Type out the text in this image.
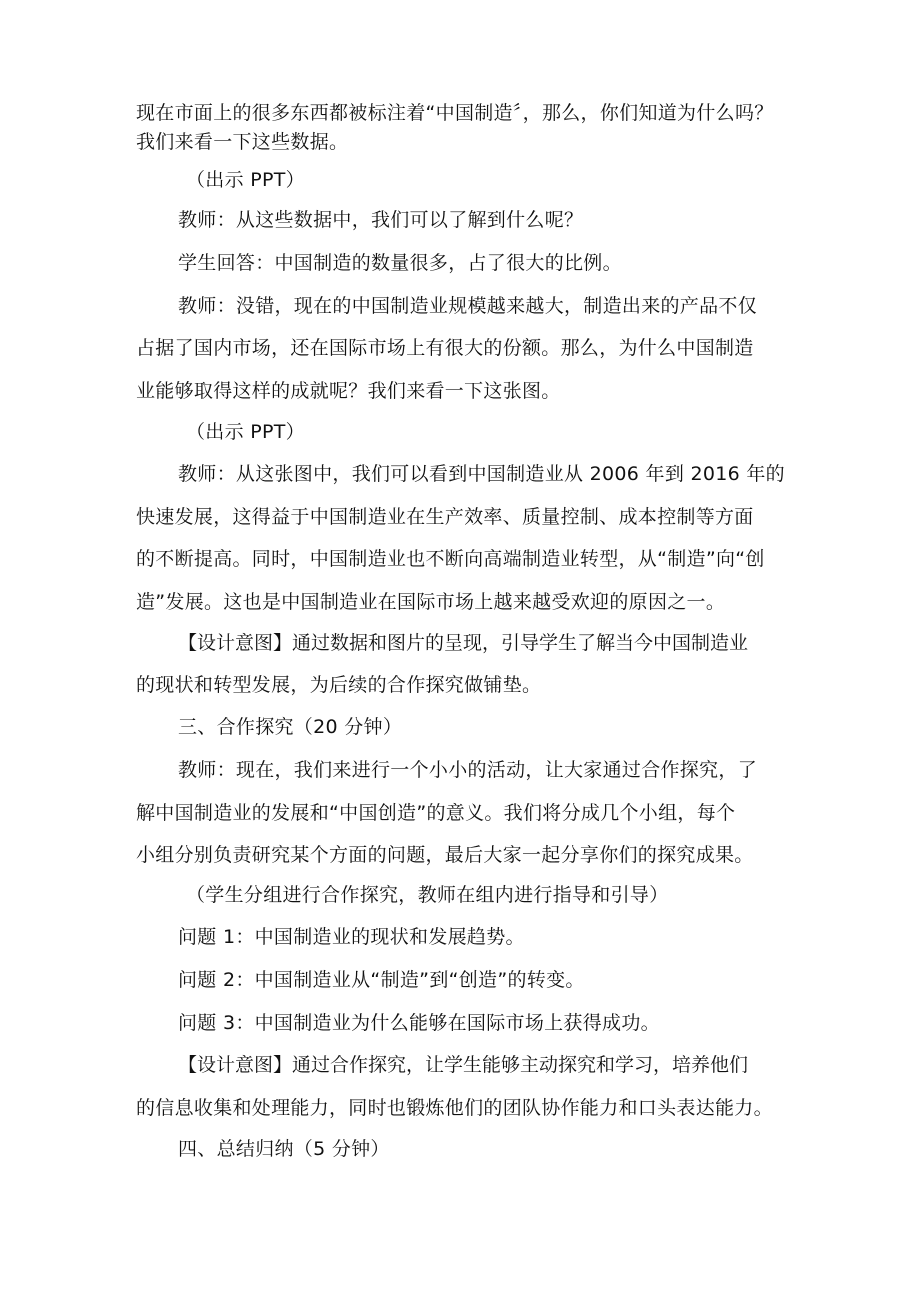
现在市面上的很多东西都被标注着“中国制造〞，那么，你们知道为什么吗？
我们来看一下这些数据。
（出示 PPT）
教师：从这些数据中，我们可以了解到什么呢？
学生回答：中国制造的数量很多，占了很大的比例。
教师：没错，现在的中国制造业规模越来越大，制造出来的产品不仅
占据了国内市场，还在国际市场上有很大的份额。那么，为什么中国制造
业能够取得这样的成就呢？我们来看一下这张图。
（出示 PPT）
教师：从这张图中，我们可以看到中国制造业从 2006 年到 2016 年的
快速发展，这得益于中国制造业在生产效率、质量控制、成本控制等方面
的不断提高。同时，中国制造业也不断向高端制造业转型，从“制造”向“创
造”发展。这也是中国制造业在国际市场上越来越受欢迎的原因之一。
【设计意图】通过数据和图片的呈现，引导学生了解当今中国制造业
的现状和转型发展，为后续的合作探究做铺垫。
三、合作探究（20 分钟）
教师：现在，我们来进行一个小小的活动，让大家通过合作探究，了
解中国制造业的发展和“中国创造”的意义。我们将分成几个小组，每个
小组分别负责研究某个方面的问题，最后大家一起分享你们的探究成果。
（学生分组进行合作探究，教师在组内进行指导和引导）
问题 1：中国制造业的现状和发展趋势。
问题 2：中国制造业从“制造”到“创造”的转变。
问题 3：中国制造业为什么能够在国际市场上获得成功。
【设计意图】通过合作探究，让学生能够主动探究和学习，培养他们
的信息收集和处理能力，同时也锻炼他们的团队协作能力和口头表达能力。
四、总结归纳（5 分钟）
